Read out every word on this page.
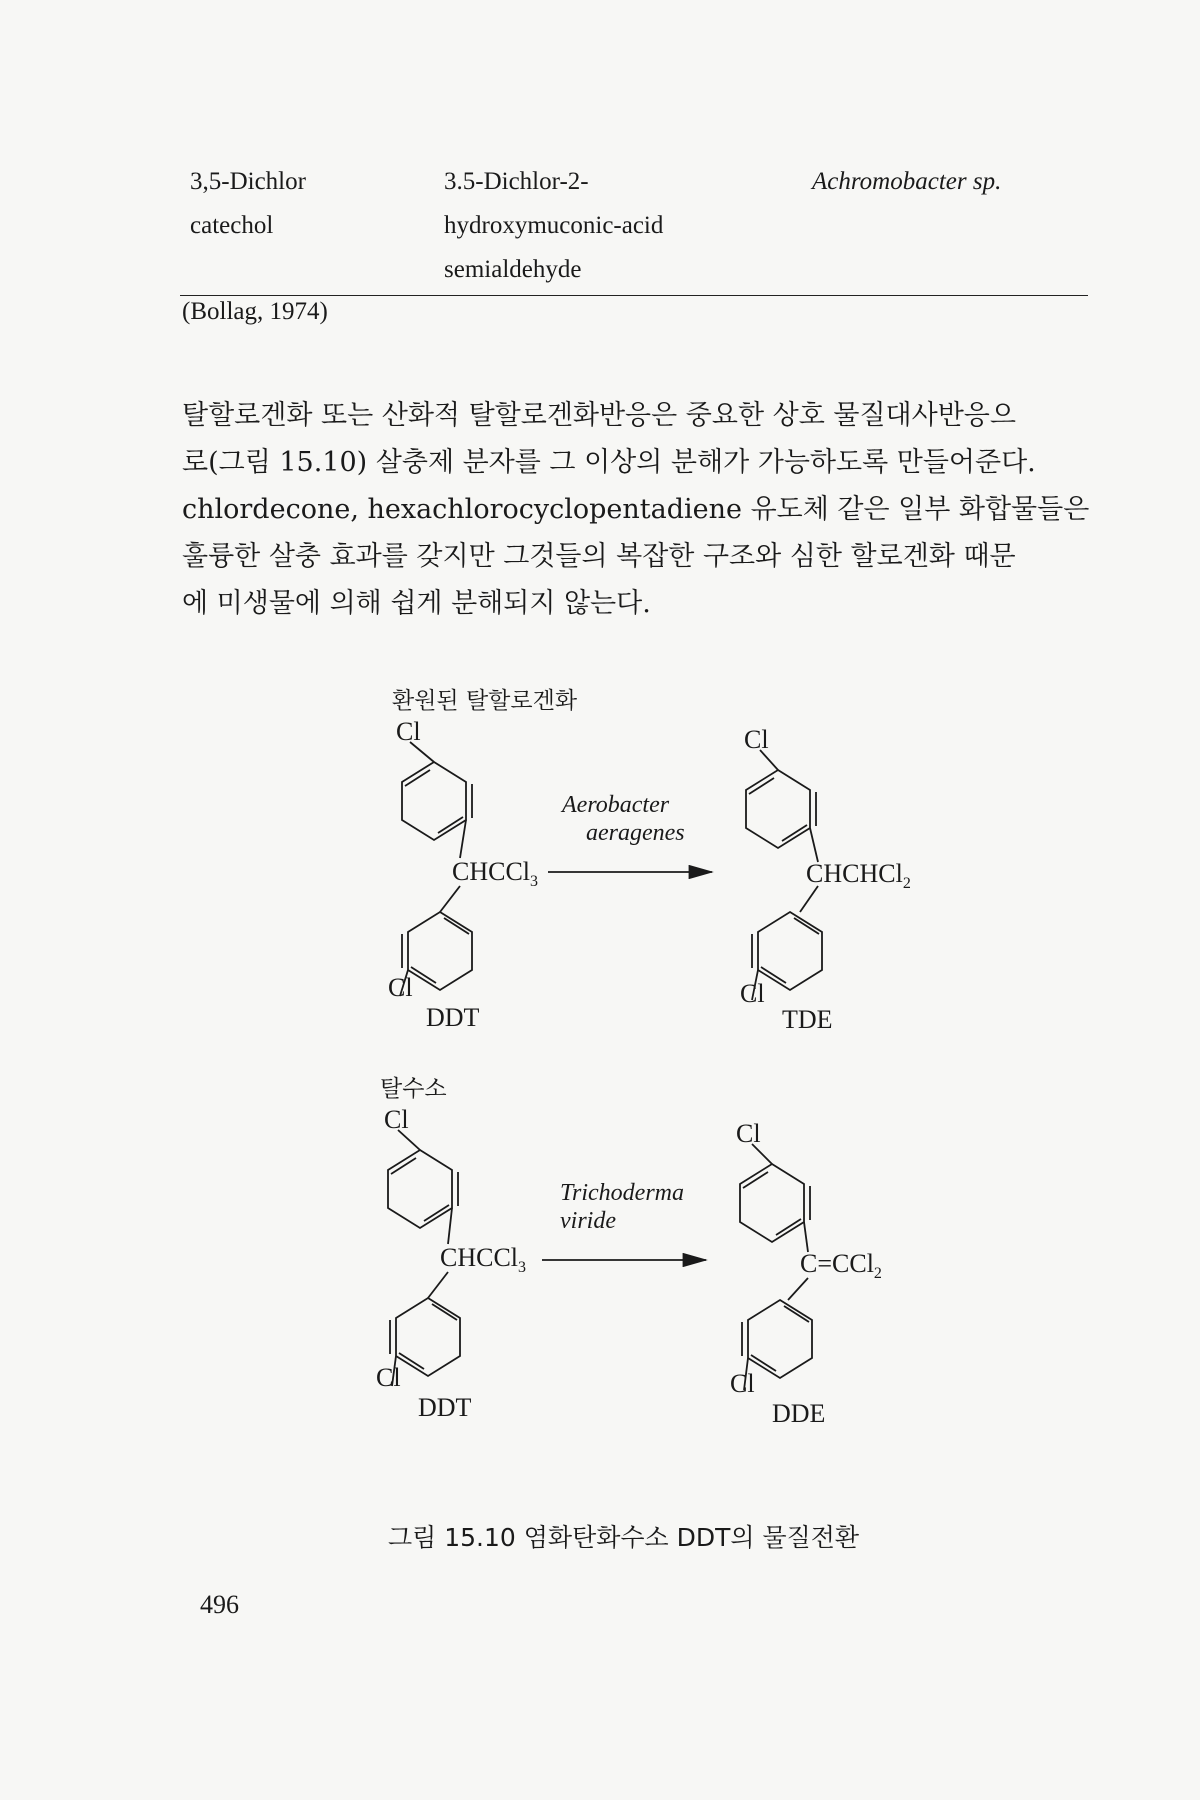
3,5-Dichlor
catechol
3.5-Dichlor-2-
hydroxymuconic-acid
semialdehyde
Achromobacter sp.
(Bollag, 1974)
탈할로겐화 또는 산화적 탈할로겐화반응은 중요한 상호 물질대사반응으
로(그림 15.10) 살충제 분자를 그 이상의 분해가 가능하도록 만들어준다.
chlordecone, hexachlorocyclopentadiene 유도체 같은 일부 화합물들은
훌륭한 살충 효과를 갖지만 그것들의 복잡한 구조와 심한 할로겐화 때문
에 미생물에 의해 쉽게 분해되지 않는다.
환원된 탈할로겐화
탈수소
Cl
CHCCl$_3$
Cl
DDT
Aerobacter
aeragenes
Cl
CHCHCl$_2$
Cl
TDE
Cl
CHCCl$_3$
Cl
DDT
Trichoderma
viride
Cl
C=CCl$_2$
Cl
DDE
그림 15.10 염화탄화수소 DDT의 물질전환
496
